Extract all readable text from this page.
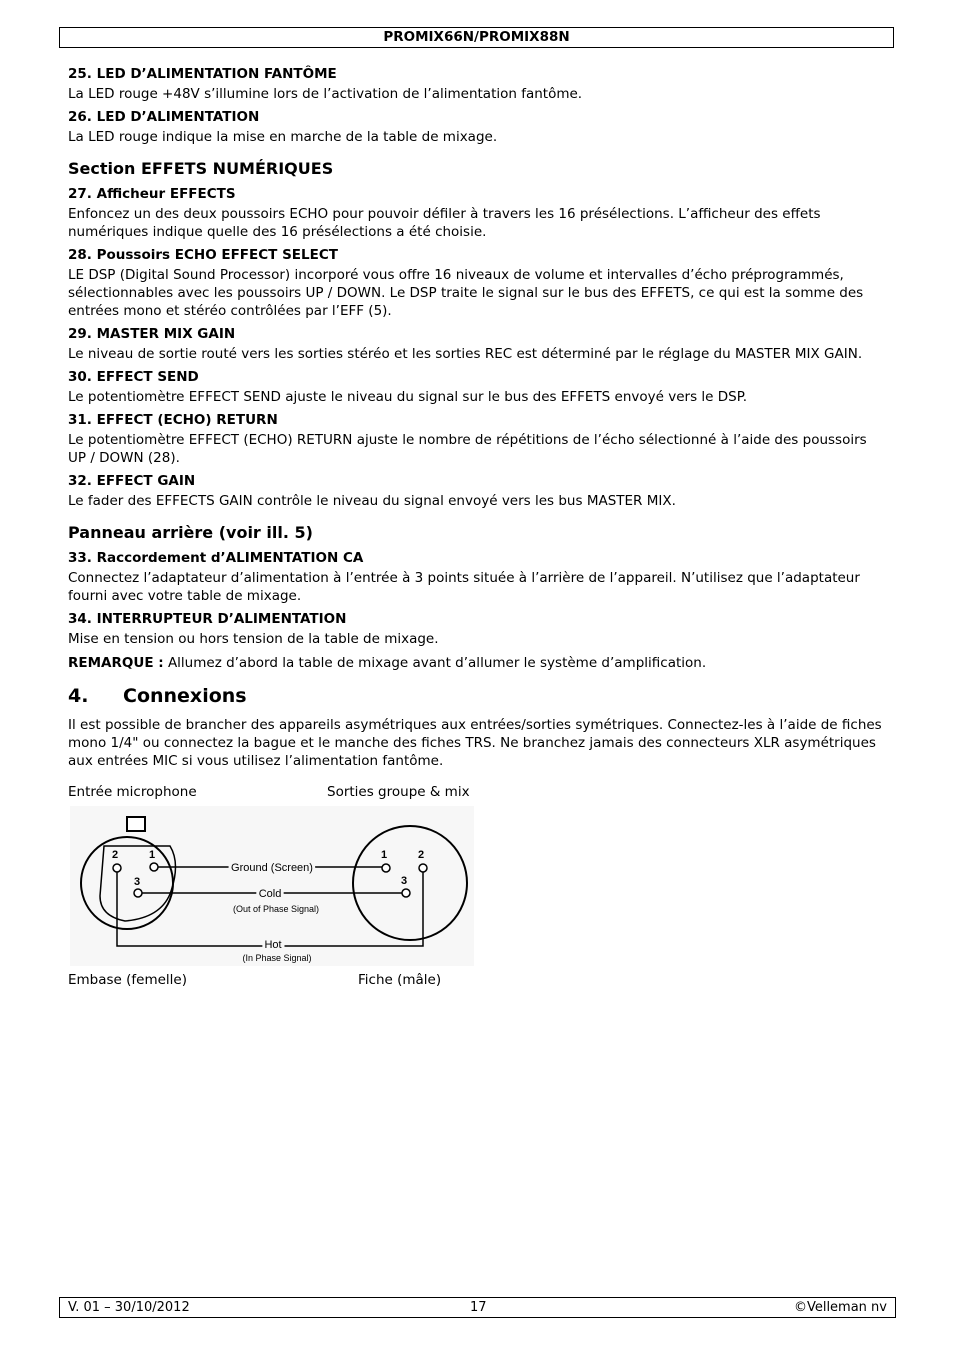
PROMIX66N/PROMIX88N
25. LED D’ALIMENTATION FANTÔME
La LED rouge +48V s’illumine lors de l’activation de l’alimentation fantôme.
26. LED D’ALIMENTATION
La LED rouge indique la mise en marche de la table de mixage.
Section EFFETS NUMÉRIQUES
27. Afficheur EFFECTS
Enfoncez un des deux poussoirs ECHO pour pouvoir défiler à travers les 16 présélections. L’afficheur des effets numériques indique quelle des 16 présélections a été choisie.
28. Poussoirs ECHO EFFECT SELECT
LE DSP (Digital Sound Processor) incorporé vous offre 16 niveaux de volume et intervalles d’écho préprogrammés, sélectionnables avec les poussoirs UP / DOWN. Le DSP traite le signal sur le bus des EFFETS, ce qui est la somme des entrées mono et stéréo contrôlées par l’EFF (5).
29. MASTER MIX GAIN
Le niveau de sortie routé vers les sorties stéréo et les sorties REC est déterminé par le réglage du MASTER MIX GAIN.
30. EFFECT SEND
Le potentiomètre EFFECT SEND ajuste le niveau du signal sur le bus des EFFETS envoyé vers le DSP.
31. EFFECT (ECHO) RETURN
Le potentiomètre EFFECT (ECHO) RETURN ajuste le nombre de répétitions de l’écho sélectionné à l’aide des poussoirs UP / DOWN (28).
32. EFFECT GAIN
Le fader des EFFECTS GAIN contrôle le niveau du signal envoyé vers les bus MASTER MIX.
Panneau arrière (voir ill. 5)
33. Raccordement d’ALIMENTATION CA
Connectez l’adaptateur d’alimentation à l’entrée à 3 points située à l’arrière de l’appareil. N’utilisez que l’adaptateur fourni avec votre table de mixage.
34. INTERRUPTEUR D’ALIMENTATION
Mise en tension ou hors tension de la table de mixage.
REMARQUE : Allumez d’abord la table de mixage avant d’allumer le système d’amplification.
4.	Connexions
Il est possible de brancher des appareils asymétriques aux entrées/sorties symétriques. Connectez-les à l’aide de fiches mono 1/4" ou connectez la bague et le manche des fiches TRS. Ne branchez jamais des connecteurs XLR asymétriques aux entrées MIC si vous utilisez l’alimentation fantôme.
Entrée microphone	Sorties groupe & mix
2	1
3
1	2
3
Ground (Screen)
Cold
(Out of Phase Signal)
Hot
(In Phase Signal)
Embase (femelle)	Fiche (mâle)
V. 01 – 30/10/2012	17	©Velleman nv
